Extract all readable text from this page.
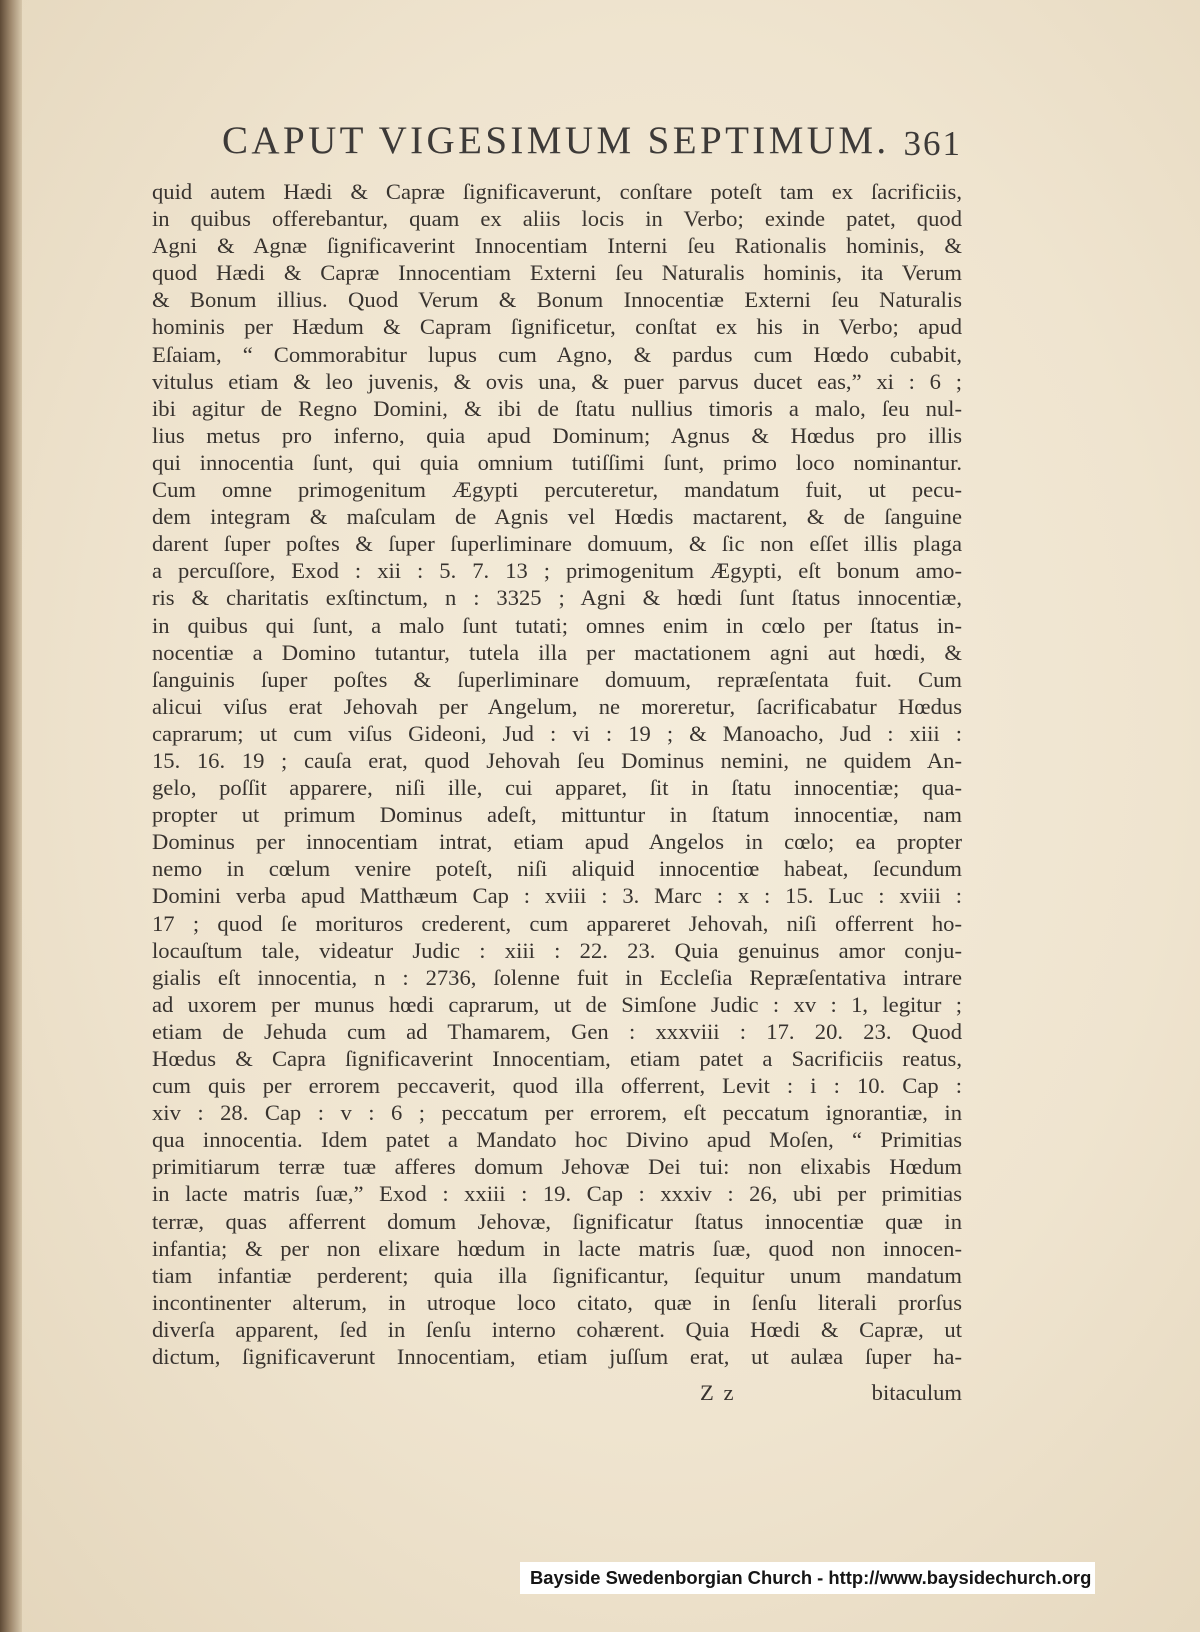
CAPUT VIGESIMUM SEPTIMUM. 361
quid autem Hædi & Capræ ſignificaverunt, conſtare poteſt tam ex ſacrificiis,
in quibus offerebantur, quam ex aliis locis in Verbo; exinde patet, quod
Agni & Agnæ ſignificaverint Innocentiam Interni ſeu Rationalis hominis, &
quod Hædi & Capræ Innocentiam Externi ſeu Naturalis hominis, ita Verum
& Bonum illius. Quod Verum & Bonum Innocentiæ Externi ſeu Naturalis
hominis per Hædum & Capram ſignificetur, conſtat ex his in Verbo; apud
Eſaiam, “ Commorabitur lupus cum Agno, & pardus cum Hœdo cubabit,
vitulus etiam & leo juvenis, & ovis una, & puer parvus ducet eas,” xi : 6 ;
ibi agitur de Regno Domini, & ibi de ſtatu nullius timoris a malo, ſeu nul-
lius metus pro inferno, quia apud Dominum; Agnus & Hœdus pro illis
qui innocentia ſunt, qui quia omnium tutiſſimi ſunt, primo loco nominantur.
Cum omne primogenitum Ægypti percuteretur, mandatum fuit, ut pecu-
dem integram & maſculam de Agnis vel Hœdis mactarent, & de ſanguine
darent ſuper poſtes & ſuper ſuperliminare domuum, & ſic non eſſet illis plaga
a percuſſore, Exod : xii : 5. 7. 13 ; primogenitum Ægypti, eſt bonum amo-
ris & charitatis exſtinctum, n : 3325 ; Agni & hœdi ſunt ſtatus innocentiæ,
in quibus qui ſunt, a malo ſunt tutati; omnes enim in cœlo per ſtatus in-
nocentiæ a Domino tutantur, tutela illa per mactationem agni aut hœdi, &
ſanguinis ſuper poſtes & ſuperliminare domuum, repræſentata fuit. Cum
alicui viſus erat Jehovah per Angelum, ne moreretur, ſacrificabatur Hœdus
caprarum; ut cum viſus Gideoni, Jud : vi : 19 ; & Manoacho, Jud : xiii :
15. 16. 19 ; cauſa erat, quod Jehovah ſeu Dominus nemini, ne quidem An-
gelo, poſſit apparere, niſi ille, cui apparet, ſit in ſtatu innocentiæ; qua-
propter ut primum Dominus adeſt, mittuntur in ſtatum innocentiæ, nam
Dominus per innocentiam intrat, etiam apud Angelos in cœlo; ea propter
nemo in cœlum venire poteſt, niſi aliquid innocentiœ habeat, ſecundum
Domini verba apud Matthæum Cap : xviii : 3. Marc : x : 15. Luc : xviii :
17 ; quod ſe morituros crederent, cum appareret Jehovah, niſi offerrent ho-
locauſtum tale, videatur Judic : xiii : 22. 23. Quia genuinus amor conju-
gialis eſt innocentia, n : 2736, ſolenne fuit in Eccleſia Repræſentativa intrare
ad uxorem per munus hœdi caprarum, ut de Simſone Judic : xv : 1, legitur ;
etiam de Jehuda cum ad Thamarem, Gen : xxxviii : 17. 20. 23. Quod
Hœdus & Capra ſignificaverint Innocentiam, etiam patet a Sacrificiis reatus,
cum quis per errorem peccaverit, quod illa offerrent, Levit : i : 10. Cap :
xiv : 28. Cap : v : 6 ; peccatum per errorem, eſt peccatum ignorantiæ, in
qua innocentia. Idem patet a Mandato hoc Divino apud Moſen, “ Primitias
primitiarum terræ tuæ afferes domum Jehovæ Dei tui: non elixabis Hœdum
in lacte matris ſuæ,” Exod : xxiii : 19. Cap : xxxiv : 26, ubi per primitias
terræ, quas afferrent domum Jehovæ, ſignificatur ſtatus innocentiæ quæ in
infantia; & per non elixare hœdum in lacte matris ſuæ, quod non innocen-
tiam infantiæ perderent; quia illa ſignificantur, ſequitur unum mandatum
incontinenter alterum, in utroque loco citato, quæ in ſenſu literali prorſus
diverſa apparent, ſed in ſenſu interno cohærent. Quia Hœdi & Capræ, ut
dictum, ſignificaverunt Innocentiam, etiam juſſum erat, ut aulæa ſuper ha-
Z z	bitaculum
Bayside Swedenborgian Church - http://www.baysidechurch.org
